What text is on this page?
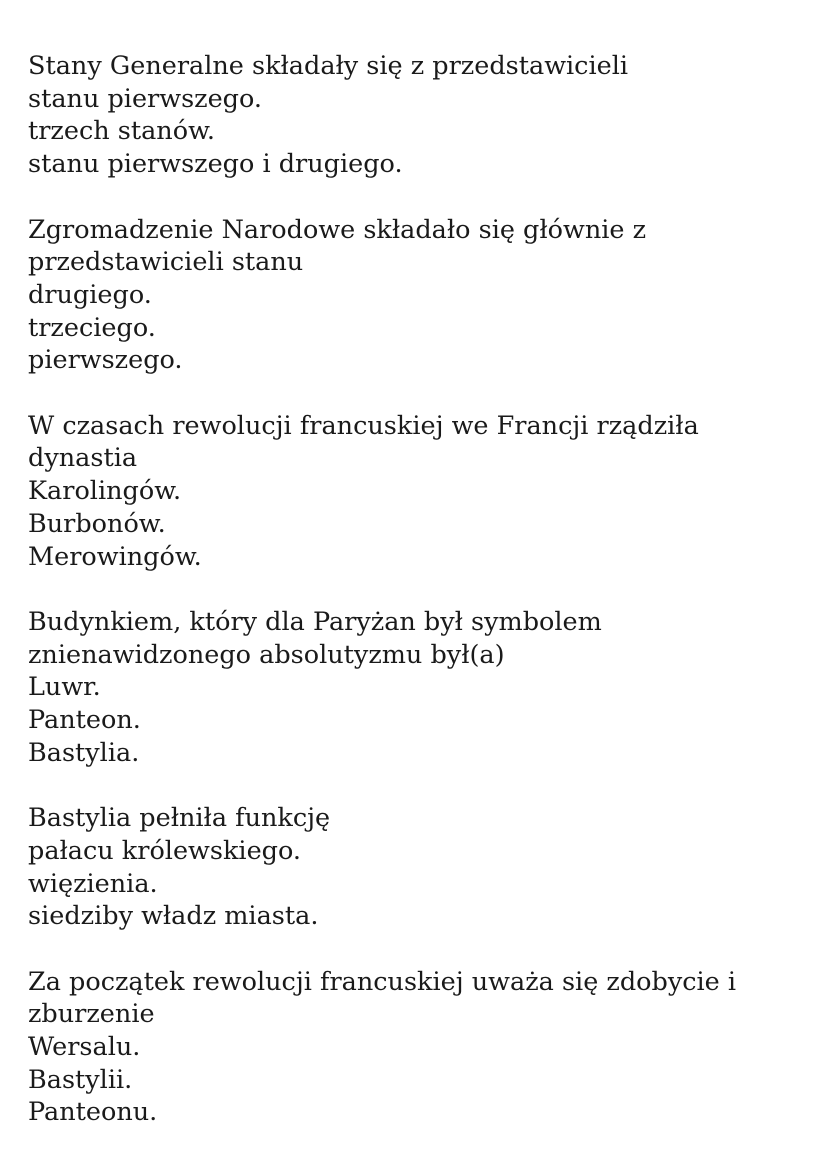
Stany Generalne składały się z przedstawicieli
stanu pierwszego.
trzech stanów.
stanu pierwszego i drugiego.
Zgromadzenie Narodowe składało się głównie z
przedstawicieli stanu
drugiego.
trzeciego.
pierwszego.
W czasach rewolucji francuskiej we Francji rządziła
dynastia
Karolingów.
Burbonów.
Merowingów.
Budynkiem, który dla Paryżan był symbolem
znienawidzonego absolutyzmu był(a)
Luwr.
Panteon.
Bastylia.
Bastylia pełniła funkcję
pałacu królewskiego.
więzienia.
siedziby władz miasta.
Za początek rewolucji francuskiej uważa się zdobycie i
zburzenie
Wersalu.
Bastylii.
Panteonu.
